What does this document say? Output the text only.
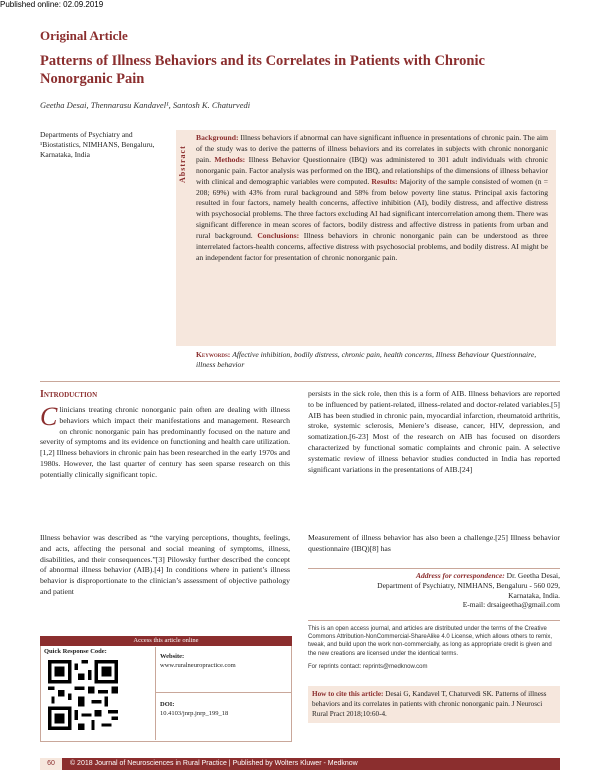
Published online: 02.09.2019
Original Article
Patterns of Illness Behaviors and its Correlates in Patients with Chronic Nonorganic Pain
Geetha Desai, Thennarasu Kandavel¹, Santosh K. Chaturvedi
Departments of Psychiatry and ¹Biostatistics, NIMHANS, Bengaluru, Karnataka, India	Abstract
Background: Illness behaviors if abnormal can have significant influence in presentations of chronic pain. The aim of the study was to derive the patterns of illness behaviors and its correlates in subjects with chronic nonorganic pain. Methods: Illness Behavior Questionnaire (IBQ) was administered to 301 adult individuals with chronic nonorganic pain. Factor analysis was performed on the IBQ, and relationships of the dimensions of illness behavior with clinical and demographic variables were computed. Results: Majority of the sample consisted of women (n = 208; 69%) with 43% from rural background and 58% from below poverty line status. Principal axis factoring resulted in four factors, namely health concerns, affective inhibition (AI), bodily distress, and affective distress with psychosocial problems. The three factors excluding AI had significant intercorrelation among them. There was significant difference in mean scores of factors, bodily distress and affective distress in patients from urban and rural background. Conclusions: Illness behaviors in chronic nonorganic pain can be understood as three interrelated factors-health concerns, affective distress with psychosocial problems, and bodily distress. AI might be an independent factor for presentation of chronic nonorganic pain.
Keywords: Affective inhibition, bodily distress, chronic pain, health concerns, Illness Behaviour Questionnaire, illness behavior
Introduction
C linicians treating chronic nonorganic pain often are dealing with illness behaviors which impact their manifestations and management. Research on chronic nonorganic pain has predominantly focused on the nature and severity of symptoms and its evidence on functioning and health care utilization.[1,2] Illness behaviors in chronic pain has been researched in the early 1970s and 1980s. However, the last quarter of century has seen sparse research on this potentially clinically significant topic.
Illness behavior was described as “the varying perceptions, thoughts, feelings, and acts, affecting the personal and social meaning of symptoms, illness, disabilities, and their consequences.”[3] Pilowsky further described the concept of abnormal illness behavior (AIB).[4] In conditions where in patient’s illness behavior is disproportionate to the clinician’s assessment of objective pathology and patient
persists in the sick role, then this is a form of AIB. Illness behaviors are reported to be influenced by patient-related, illness-related and doctor-related variables.[5] AIB has been studied in chronic pain, myocardial infarction, rheumatoid arthritis, stroke, systemic sclerosis, Meniere’s disease, cancer, HIV, depression, and somatization.[6-23] Most of the research on AIB has focused on disorders characterized by functional somatic complaints and chronic pain. A selective systematic review of illness behavior studies conducted in India has reported significant variations in the presentations of AIB.[24]
Measurement of illness behavior has also been a challenge.[25] Illness behavior questionnaire (IBQ)[8] has
Address for correspondence: Dr. Geetha Desai,
Department of Psychiatry, NIMHANS, Bengaluru - 560 029,
Karnataka, India.
E-mail: drsaigeetha@gmail.com
This is an open access journal, and articles are distributed under the terms of the Creative Commons Attribution-NonCommercial-ShareAlike 4.0 License, which allows others to remix, tweak, and build upon the work non-commercially, as long as appropriate credit is given and the new creations are licensed under the identical terms.
For reprints contact: reprints@medknow.com
How to cite this article: Desai G, Kandavel T, Chaturvedi SK. Patterns of illness behaviors and its correlates in patients with chronic nonorganic pain. J Neurosci Rural Pract 2018;10:60-4.
Access this article online
Quick Response Code:
Website:
www.ruralneuropractice.com
DOI:
10.4103/jnrp.jnrp_199_18
60 © 2018 Journal of Neurosciences in Rural Practice | Published by Wolters Kluwer - Medknow
